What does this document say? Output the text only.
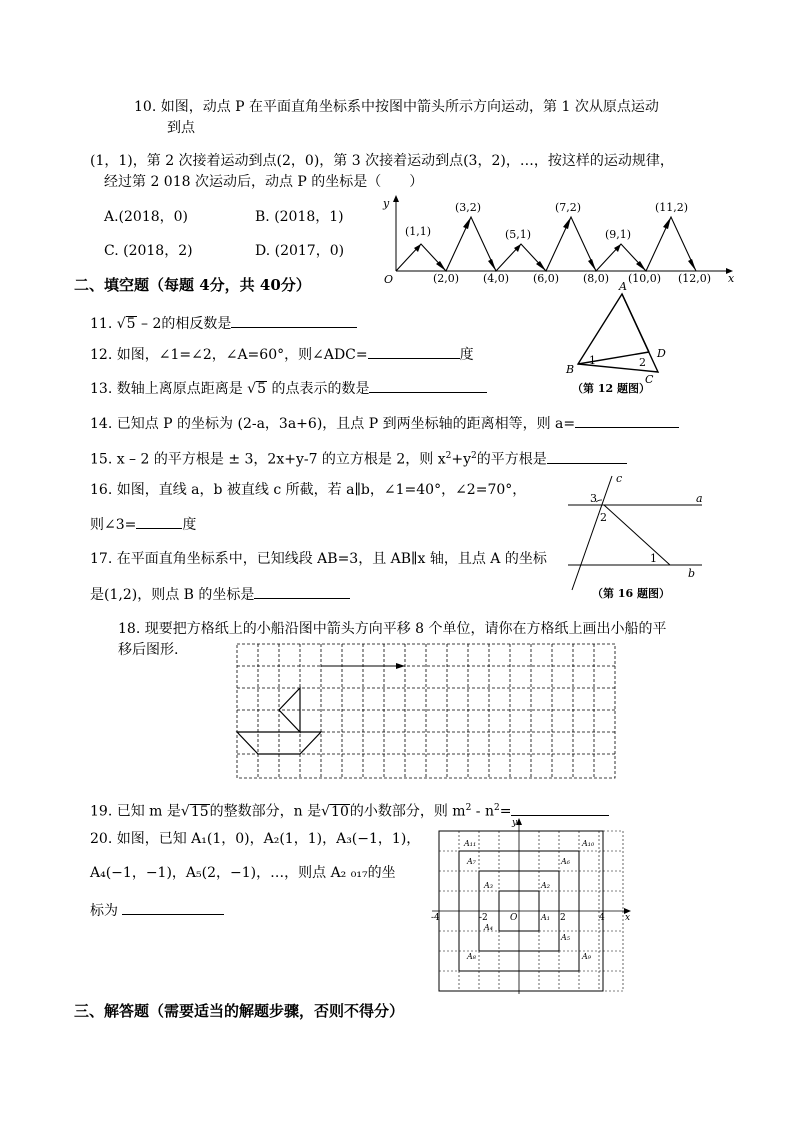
10. 如图，动点 P 在平面直角坐标系中按图中箭头所示方向运动，第 1 次从原点运动
到点
(1，1)，第 2 次接着运动到点(2，0)，第 3 次接着运动到点(3，2)，…，按这样的运动规律，
经过第 2 018 次运动后，动点 P 的坐标是（　　）
A.(2018，0)	B. (2018，1)
C. (2018，2)	D. (2017，0)
y
x
O
(1,1)
(3,2)
(5,1)
(7,2)
(9,1)
(11,2)
(2,0) (4,0) (6,0) (8,0) (10,0) (12,0)
二、填空题（每题 4分，共 40分）
11. √5 – 2的相反数是
12. 如图，∠1=∠2，∠A=60°，则∠ADC=	度
A
B
C
D
1	2
（第 12 题图）
13. 数轴上离原点距离是 √5 的点表示的数是
14. 已知点 P 的坐标为 (2-a，3a+6)，且点 P 到两坐标轴的距离相等，则 a=
15. x – 2 的平方根是 ± 3，2x+y-7 的立方根是 2，则 $x^2+y^2$的平方根是
16. 如图，直线 a，b 被直线 c 所截，若 a∥b，∠1=40°，∠2=70°，
则∠3=	度
c
a
b
3
2
1
（第 16 题图）
17. 在平面直角坐标系中，已知线段 AB=3，且 AB∥x 轴，且点 A 的坐标
是(1,2)，则点 B 的坐标是
18. 现要把方格纸上的小船沿图中箭头方向平移 8 个单位，请你在方格纸上画出小船的平
移后图形.
19. 已知 m 是√15的整数部分，n 是√10的小数部分，则 $m^2 - n^2=$
20. 如图，已知 A₁(1，0)，A₂(1，1)，A₃(−1，1)，
A₄(−1，−1)，A₅(2，−1)，…，则点 A₂ ₀₁₇的坐
标为
y
x
O
-4	-2	2	4
A₁
A₂
A₃
A₄
A₅
A₆
A₇
A₈	A₉
A₁₀
A₁₁
三、解答题（需要适当的解题步骤，否则不得分）
